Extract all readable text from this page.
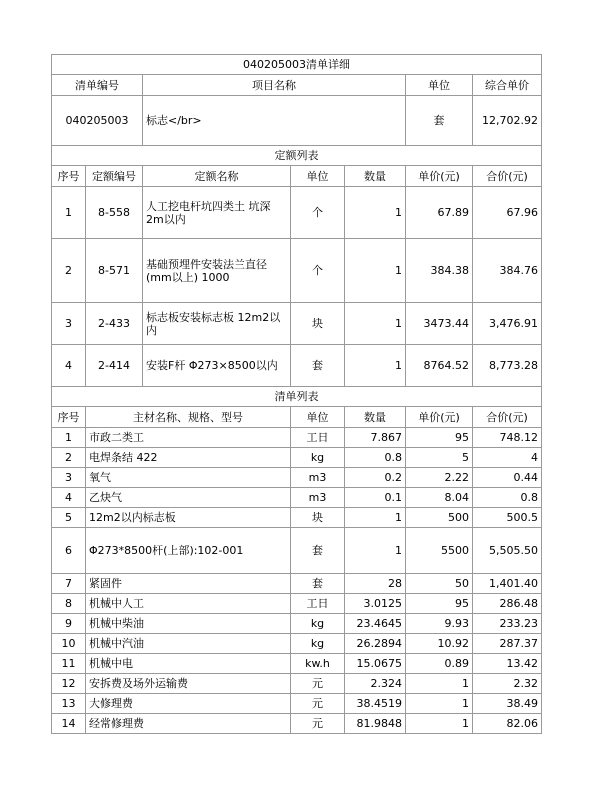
040205003清单详细						
清单编号		项目名称			单位	综合单价
040205003		标志</br>			套	12,702.92
定额列表						
序号	定额编号	定额名称	单位	数量	单价(元)	合价(元)
1	8-558	人工挖电杆坑四类土 坑深2m以内	个	1	67.89	67.96
2	8-571	基础预埋件安装法兰直径(mm以上) 1000	个	1	384.38	384.76
3	2-433	标志板安装标志板 12m2以内	块	1	3473.44	3,476.91
4	2-414	安装F杆 Φ273×8500以内	套	1	8764.52	8,773.28
清单列表						
序号	主材名称、规格、型号		单位	数量	单价(元)	合价(元)
1	市政二类工		工日	7.867	95	748.12
2	电焊条结 422		kg	0.8	5	4
3	氧气		m3	0.2	2.22	0.44
4	乙炔气		m3	0.1	8.04	0.8
5	12m2以内标志板		块	1	500	500.5
6	Φ273*8500杆(上部):102-001		套	1	5500	5,505.50
7	紧固件		套	28	50	1,401.40
8	机械中人工		工日	3.0125	95	286.48
9	机械中柴油		kg	23.4645	9.93	233.23
10	机械中汽油		kg	26.2894	10.92	287.37
11	机械中电		kw.h	15.0675	0.89	13.42
12	安拆费及场外运输费		元	2.324	1	2.32
13	大修理费		元	38.4519	1	38.49
14	经常修理费		元	81.9848	1	82.06
